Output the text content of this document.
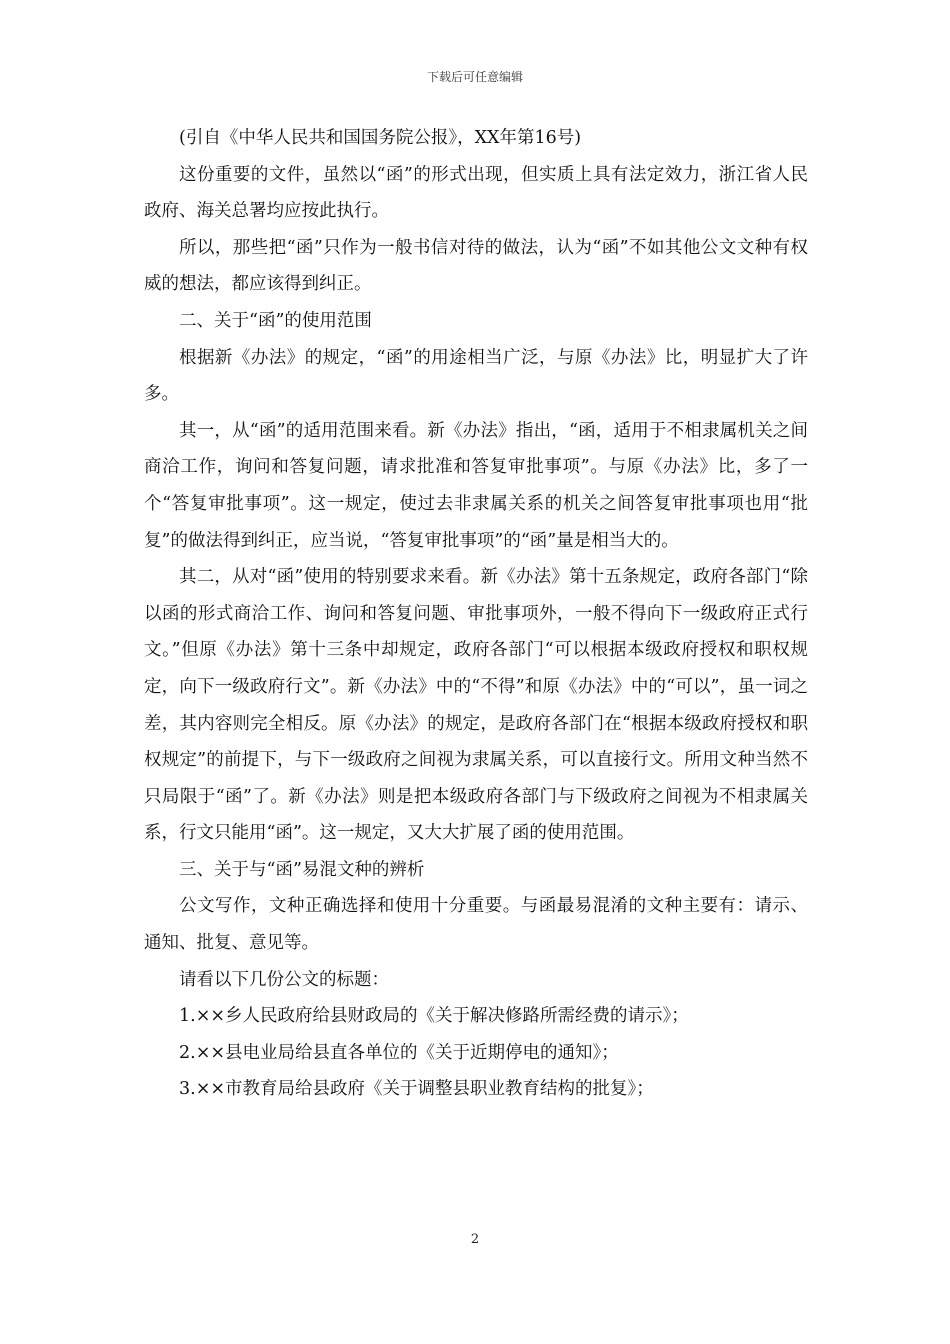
下载后可任意编辑

(引自《中华人民共和国国务院公报》，XX年第16号)

这份重要的文件，虽然以“函”的形式出现，但实质上具有法定效力，浙江省人民政府、海关总署均应按此执行。

所以，那些把“函”只作为一般书信对待的做法，认为“函”不如其他公文文种有权威的想法，都应该得到纠正。

二、关于“函”的使用范围

根据新《办法》的规定，“函”的用途相当广泛，与原《办法》比，明显扩大了许多。

其一，从“函”的适用范围来看。新《办法》指出，“函，适用于不相隶属机关之间商洽工作，询问和答复问题，请求批准和答复审批事项”。与原《办法》比，多了一个“答复审批事项”。这一规定，使过去非隶属关系的机关之间答复审批事项也用“批复”的做法得到纠正，应当说，“答复审批事项”的“函”量是相当大的。

其二，从对“函”使用的特别要求来看。新《办法》第十五条规定，政府各部门“除以函的形式商洽工作、询问和答复问题、审批事项外，一般不得向下一级政府正式行文。”但原《办法》第十三条中却规定，政府各部门“可以根据本级政府授权和职权规定，向下一级政府行文”。新《办法》中的“不得”和原《办法》中的“可以”，虽一词之差，其内容则完全相反。原《办法》的规定，是政府各部门在“根据本级政府授权和职权规定”的前提下，与下一级政府之间视为隶属关系，可以直接行文。所用文种当然不只局限于“函”了。新《办法》则是把本级政府各部门与下级政府之间视为不相隶属关系，行文只能用“函”。这一规定，又大大扩展了函的使用范围。

三、关于与“函”易混文种的辨析

公文写作，文种正确选择和使用十分重要。与函最易混淆的文种主要有：请示、通知、批复、意见等。

请看以下几份公文的标题：

1.××乡人民政府给县财政局的《关于解决修路所需经费的请示》；

2.××县电业局给县直各单位的《关于近期停电的通知》；

3.××市教育局给县政府《关于调整县职业教育结构的批复》；

2
